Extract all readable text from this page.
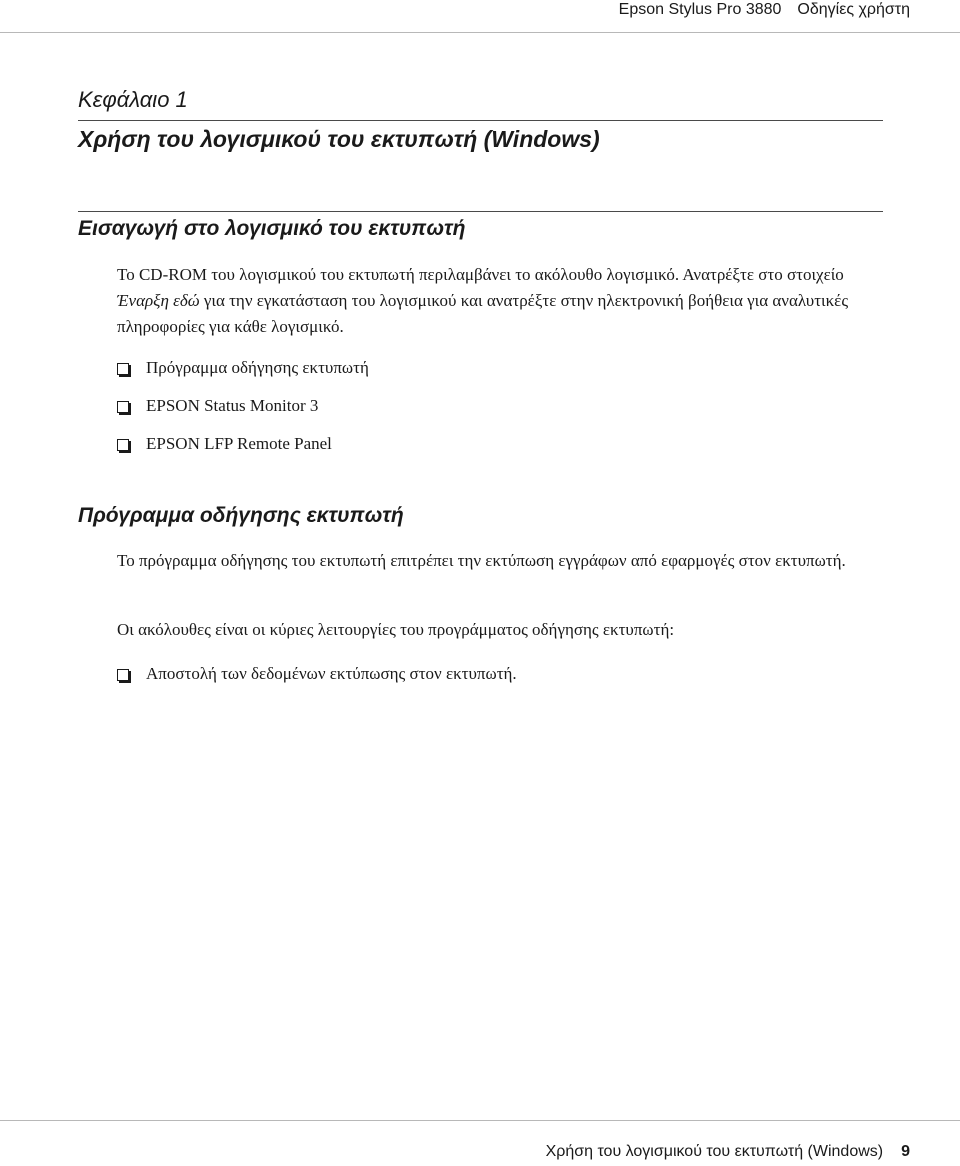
Epson Stylus Pro 3880 Οδηγίες χρήστη
Κεφάλαιο 1
Χρήση του λογισμικού του εκτυπωτή (Windows)
Εισαγωγή στο λογισμικό του εκτυπωτή

Το CD-ROM του λογισμικού του εκτυπωτή περιλαμβάνει το ακόλουθο λογισμικό. Ανατρέξτε στο στοιχείο Έναρξη εδώ για την εγκατάσταση του λογισμικού και ανατρέξτε στην ηλεκτρονική βοήθεια για αναλυτικές πληροφορίες για κάθε λογισμικό.

Πρόγραμμα οδήγησης εκτυπωτή
EPSON Status Monitor 3
EPSON LFP Remote Panel
Πρόγραμμα οδήγησης εκτυπωτή

Το πρόγραμμα οδήγησης του εκτυπωτή επιτρέπει την εκτύπωση εγγράφων από εφαρμογές στον εκτυπωτή.

Οι ακόλουθες είναι οι κύριες λειτουργίες του προγράμματος οδήγησης εκτυπωτή:

Αποστολή των δεδομένων εκτύπωσης στον εκτυπωτή.
Χρήση του λογισμικού του εκτυπωτή (Windows) 9
